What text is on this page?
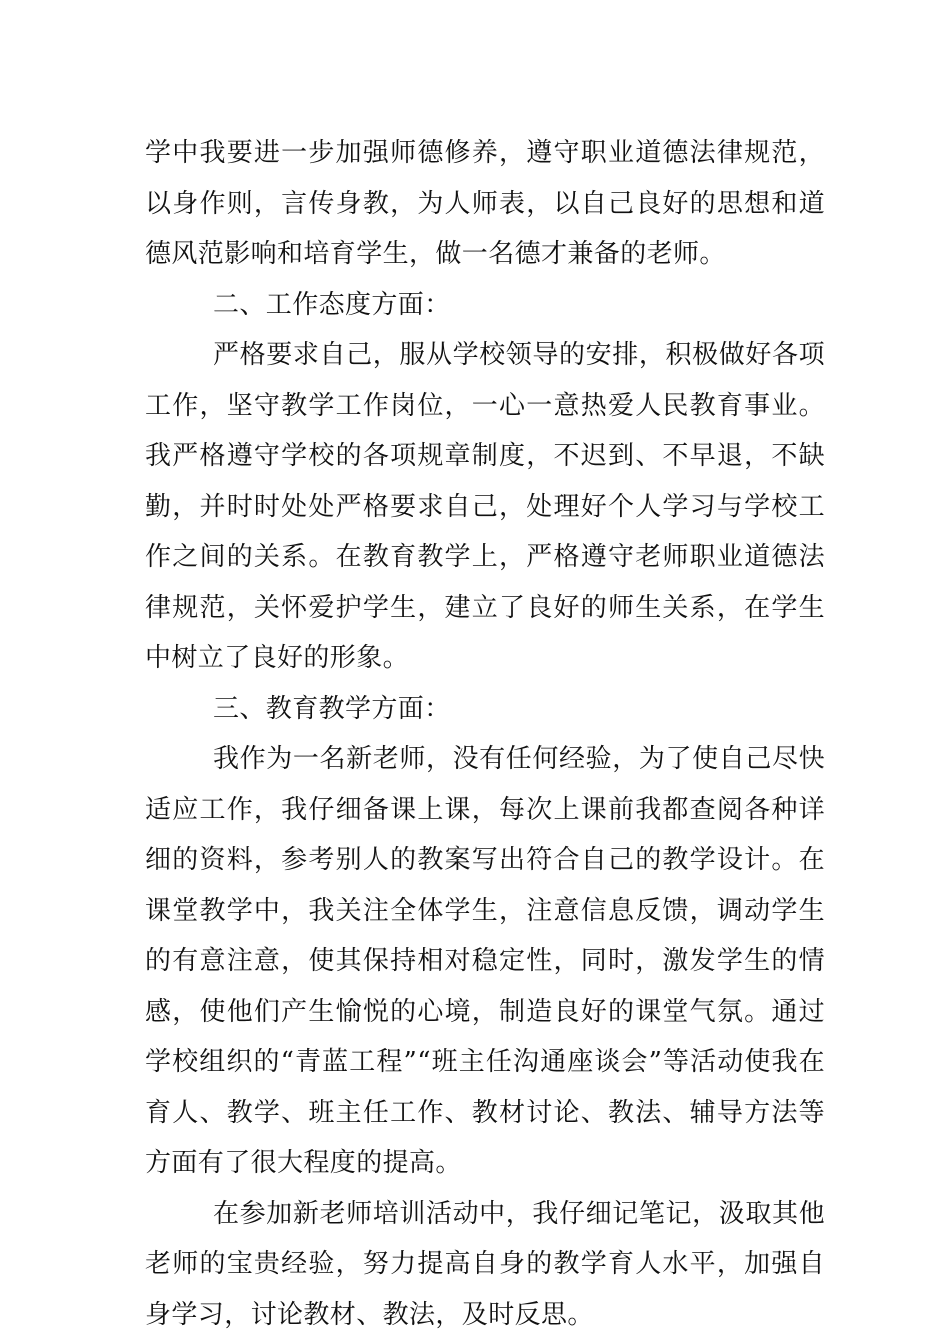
学中我要进一步加强师德修养，遵守职业道德法律规范，以身作则，言传身教，为人师表，以自己良好的思想和道德风范影响和培育学生，做一名德才兼备的老师。

二、工作态度方面：

严格要求自己，服从学校领导的安排，积极做好各项工作，坚守教学工作岗位，一心一意热爱人民教育事业。我严格遵守学校的各项规章制度，不迟到、不早退，不缺勤，并时时处处严格要求自己，处理好个人学习与学校工作之间的关系。在教育教学上，严格遵守老师职业道德法律规范，关怀爱护学生，建立了良好的师生关系，在学生中树立了良好的形象。

三、教育教学方面：

我作为一名新老师，没有任何经验，为了使自己尽快适应工作，我仔细备课上课，每次上课前我都查阅各种详细的资料，参考别人的教案写出符合自己的教学设计。在课堂教学中，我关注全体学生，注意信息反馈，调动学生的有意注意，使其保持相对稳定性，同时，激发学生的情感，使他们产生愉悦的心境，制造良好的课堂气氛。通过学校组织的“青蓝工程”“班主任沟通座谈会”等活动使我在育人、教学、班主任工作、教材讨论、教法、辅导方法等方面有了很大程度的提高。

在参加新老师培训活动中，我仔细记笔记，汲取其他老师的宝贵经验，努力提高自身的教学育人水平，加强自身学习，讨论教材、教法，及时反思。
